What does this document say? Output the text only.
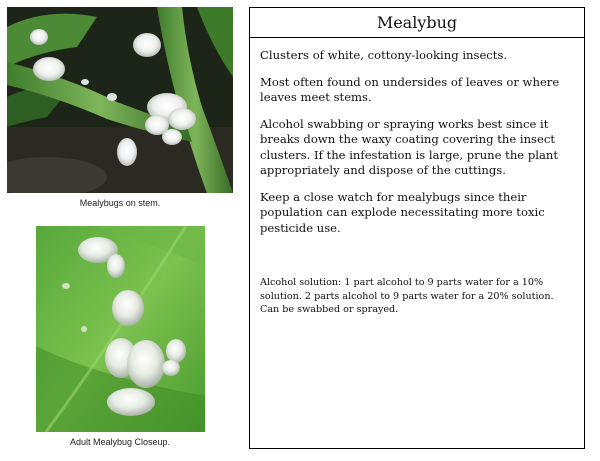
Mealybugs on stem.
Adult Mealybug Closeup.
Mealybug

Clusters of white, cottony-looking insects.

Most often found on undersides of leaves or where leaves meet stems.

Alcohol swabbing or spraying works best since it breaks down the waxy coating covering the insect clusters. If the infestation is large, prune the plant appropriately and dispose of the cuttings.

Keep a close watch for mealybugs since their population can explode necessitating more toxic pesticide use.

Alcohol solution: 1 part alcohol to 9 parts water for a 10% solution. 2 parts alcohol to 9 parts water for a 20% solution. Can be swabbed or sprayed.
